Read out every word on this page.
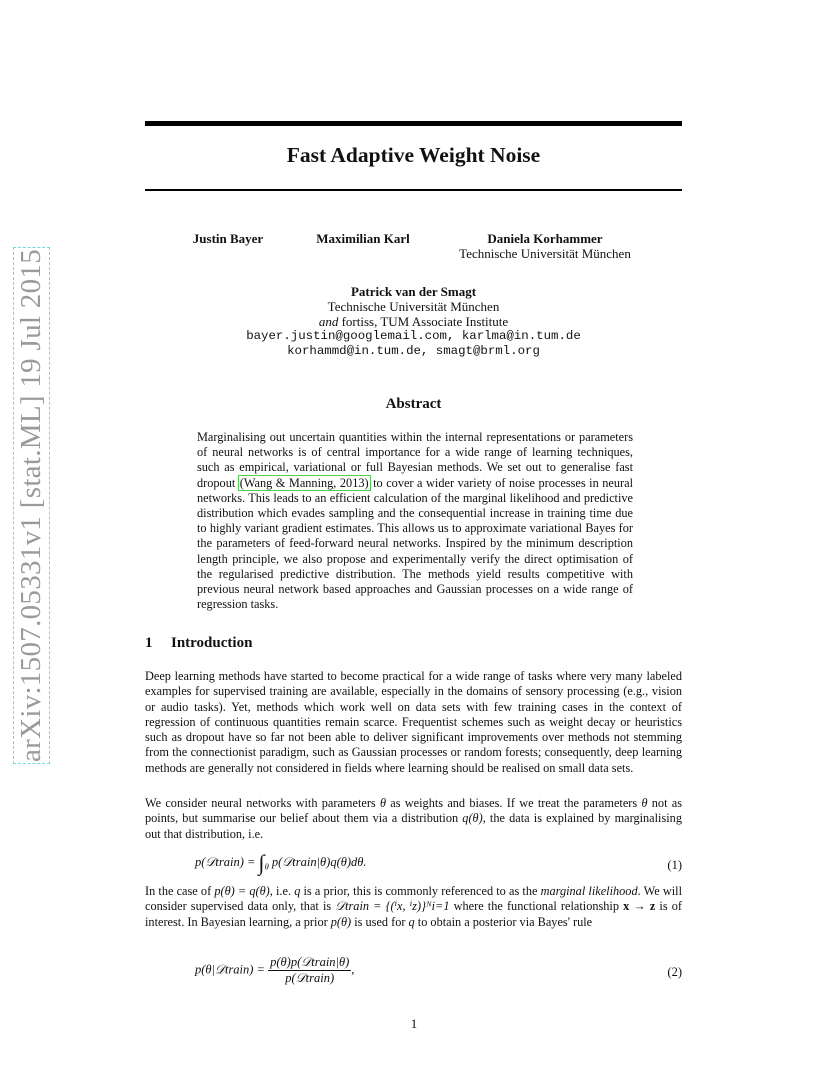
arXiv:1507.05331v1 [stat.ML] 19 Jul 2015
Fast Adaptive Weight Noise
Justin Bayer	Maximilian Karl	Daniela Korhammer
Technische Universität München
Patrick van der Smagt
Technische Universität München
and fortiss, TUM Associate Institute
bayer.justin@googlemail.com, karlma@in.tum.de
korhammd@in.tum.de, smagt@brml.org
Abstract
Marginalising out uncertain quantities within the internal representations or parameters of neural networks is of central importance for a wide range of learning techniques, such as empirical, variational or full Bayesian methods. We set out to generalise fast dropout (Wang & Manning, 2013) to cover a wider variety of noise processes in neural networks. This leads to an efficient calculation of the marginal likelihood and predictive distribution which evades sampling and the consequential increase in training time due to highly variant gradient estimates. This allows us to approximate variational Bayes for the parameters of feed-forward neural networks. Inspired by the minimum description length principle, we also propose and experimentally verify the direct optimisation of the regularised predictive distribution. The methods yield results competitive with previous neural network based approaches and Gaussian processes on a wide range of regression tasks.
1 Introduction
Deep learning methods have started to become practical for a wide range of tasks where very many labeled examples for supervised training are available, especially in the domains of sensory processing (e.g., vision or audio tasks). Yet, methods which work well on data sets with few training cases in the context of regression of continuous quantities remain scarce. Frequentist schemes such as weight decay or heuristics such as dropout have so far not been able to deliver significant improvements over methods not stemming from the connectionist paradigm, such as Gaussian processes or random forests; consequently, deep learning methods are generally not considered in fields where learning should be realised on small data sets.
We consider neural networks with parameters θ as weights and biases. If we treat the parameters θ not as points, but summarise our belief about them via a distribution q(θ), the data is explained by marginalising out that distribution, i.e.
p(𝒟train) = $\int_\theta$ p(𝒟train|θ)q(θ)dθ.	(1)
In the case of p(θ) = q(θ), i.e. q is a prior, this is commonly referenced to as the marginal likelihood. We will consider supervised data only, that is 𝒟train = {(ⁱx, ⁱz)}ᴺi=1 where the functional relationship x → z is of interest. In Bayesian learning, a prior p(θ) is used for q to obtain a posterior via Bayes' rule
p(θ|𝒟train) = $\frac{\text{p(θ)p(𝒟train|θ)}}{\text{p(𝒟train)}}$ ,	(2)
1
